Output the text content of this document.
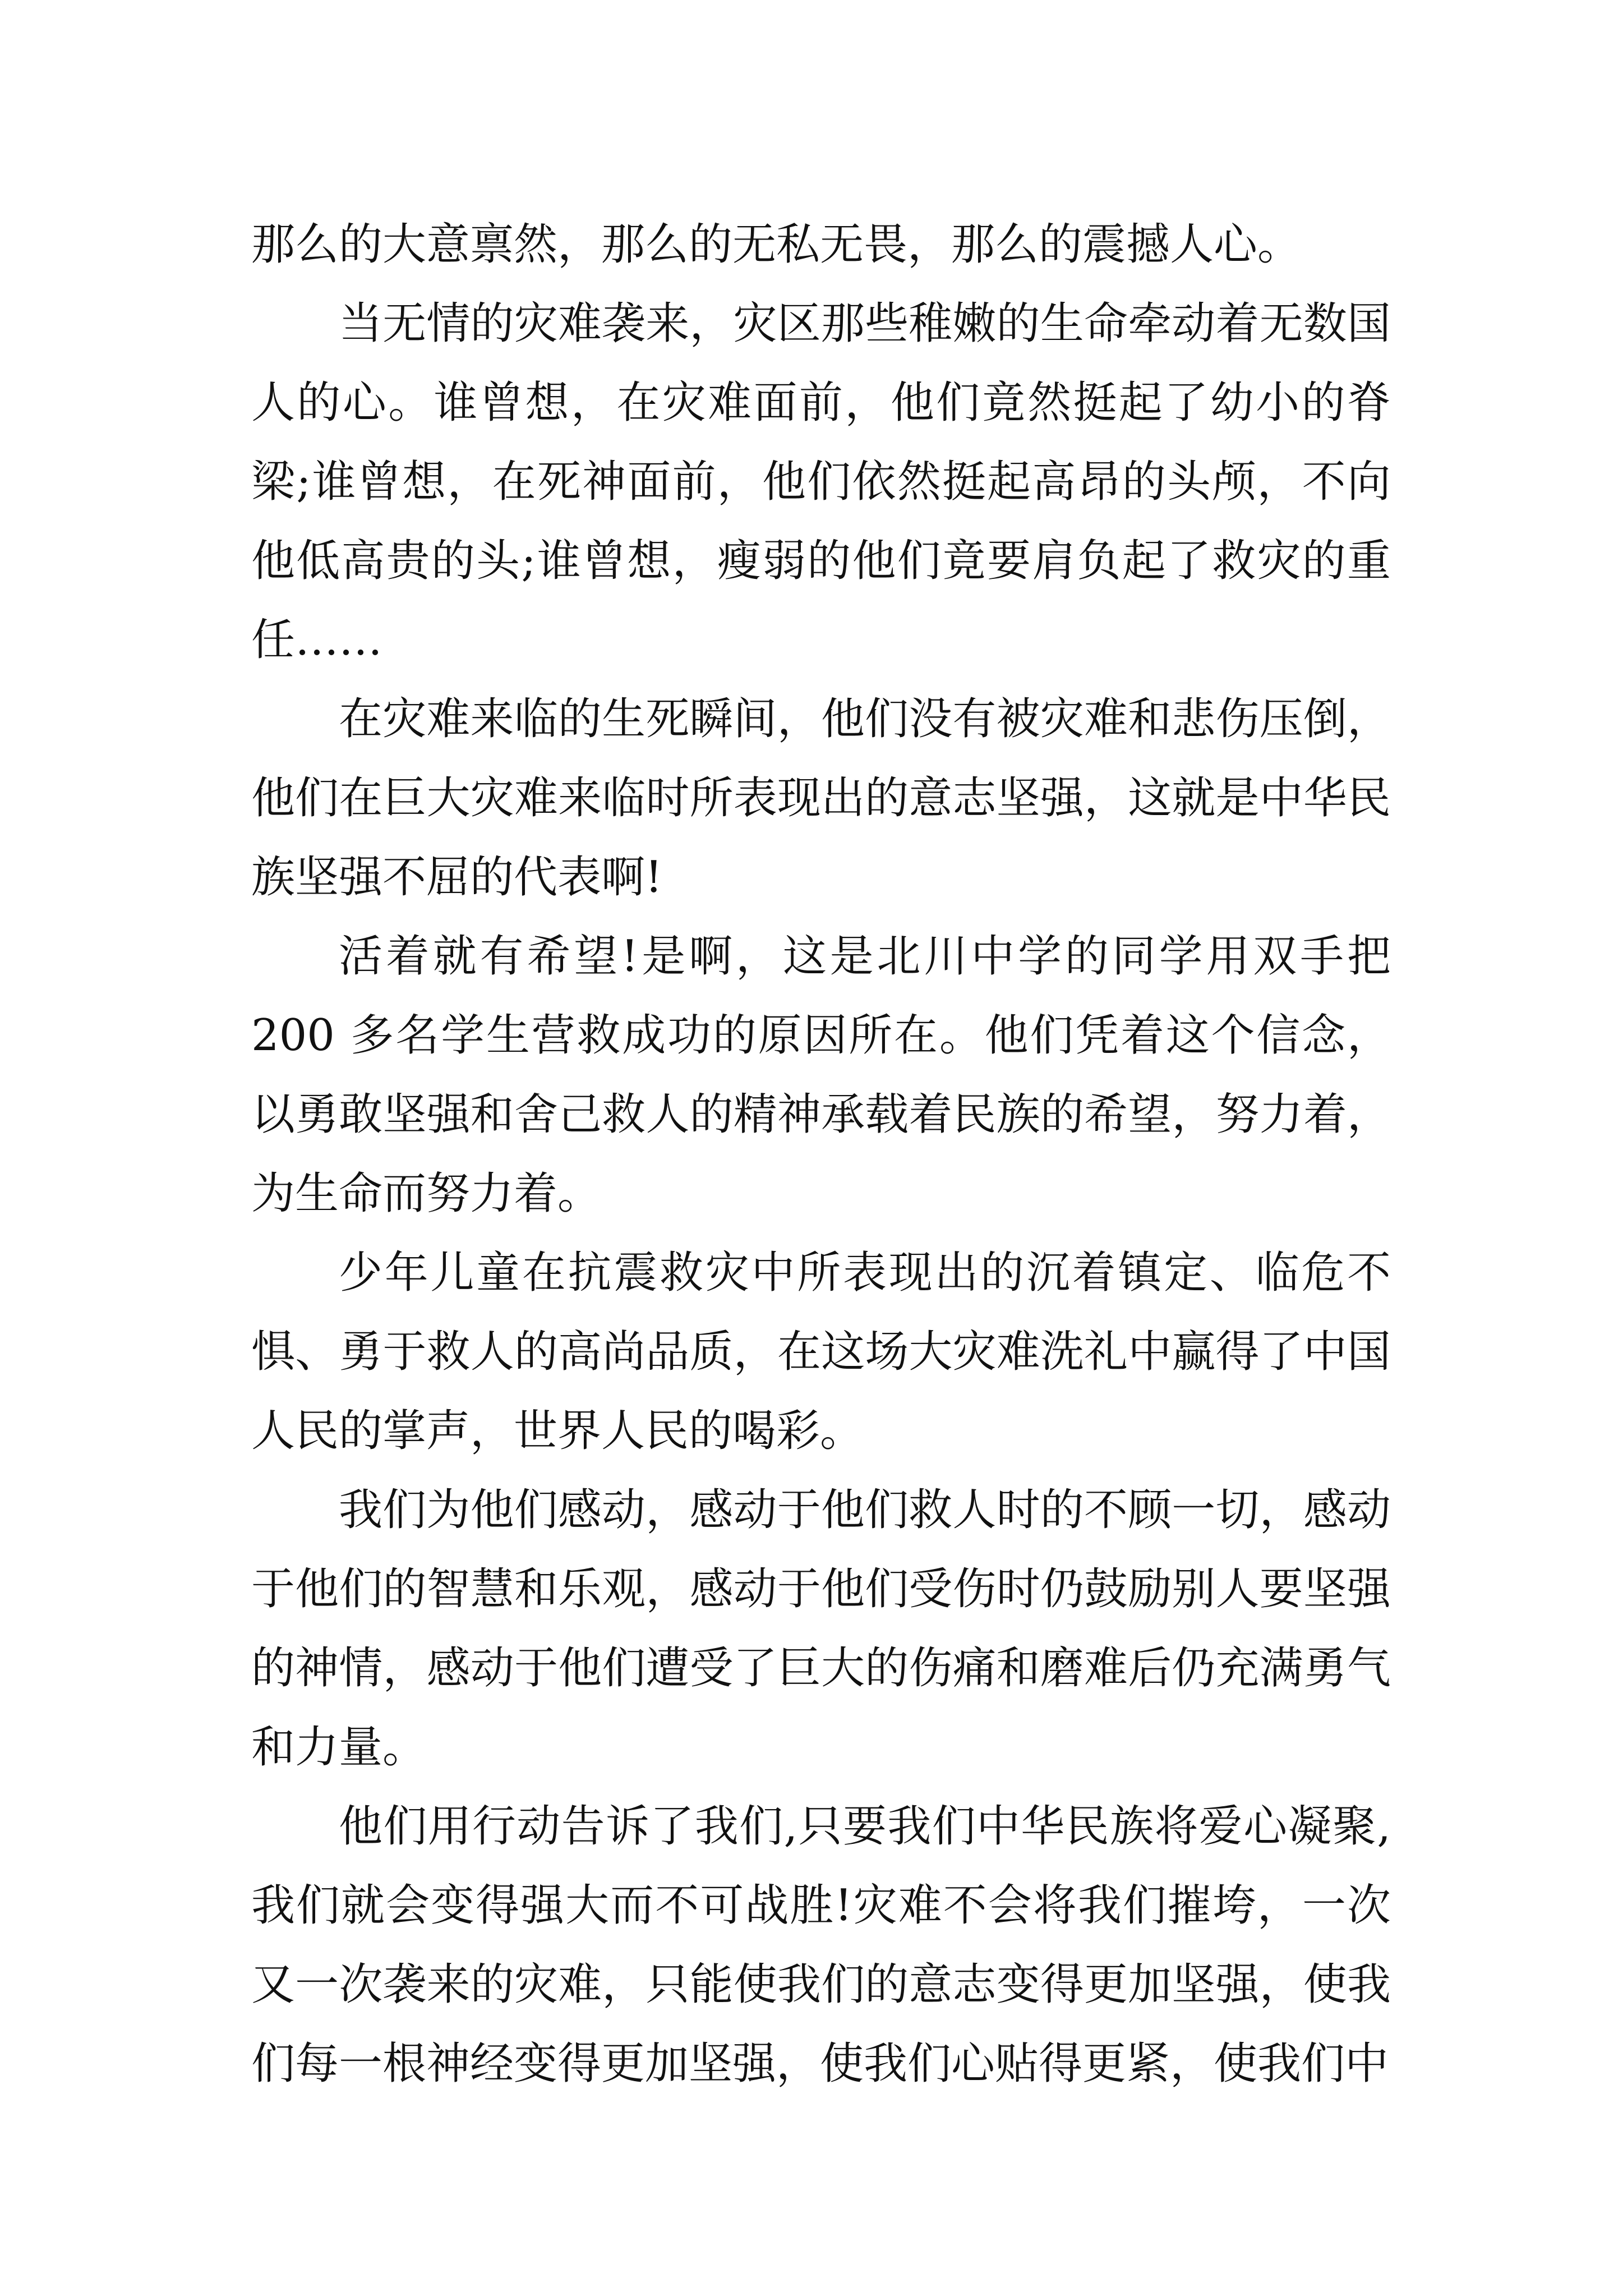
那么的大意禀然，那么的无私无畏，那么的震撼人心。

当无情的灾难袭来，灾区那些稚嫩的生命牵动着无数国人的心。谁曾想，在灾难面前，他们竟然挺起了幼小的脊梁;谁曾想，在死神面前，他们依然挺起高昂的头颅，不向他低高贵的头;谁曾想，瘦弱的他们竟要肩负起了救灾的重任……

在灾难来临的生死瞬间，他们没有被灾难和悲伤压倒，他们在巨大灾难来临时所表现出的意志坚强，这就是中华民族坚强不屈的代表啊!

活着就有希望!是啊，这是北川中学的同学用双手把 200 多名学生营救成功的原因所在。他们凭着这个信念，以勇敢坚强和舍己救人的精神承载着民族的希望，努力着，为生命而努力着。

少年儿童在抗震救灾中所表现出的沉着镇定、临危不惧、勇于救人的高尚品质，在这场大灾难洗礼中赢得了中国人民的掌声，世界人民的喝彩。

我们为他们感动，感动于他们救人时的不顾一切，感动于他们的智慧和乐观，感动于他们受伤时仍鼓励别人要坚强的神情，感动于他们遭受了巨大的伤痛和磨难后仍充满勇气和力量。

他们用行动告诉了我们,只要我们中华民族将爱心凝聚,我们就会变得强大而不可战胜!灾难不会将我们摧垮，一次又一次袭来的灾难，只能使我们的意志变得更加坚强，使我们每一根神经变得更加坚强，使我们心贴得更紧，使我们中
